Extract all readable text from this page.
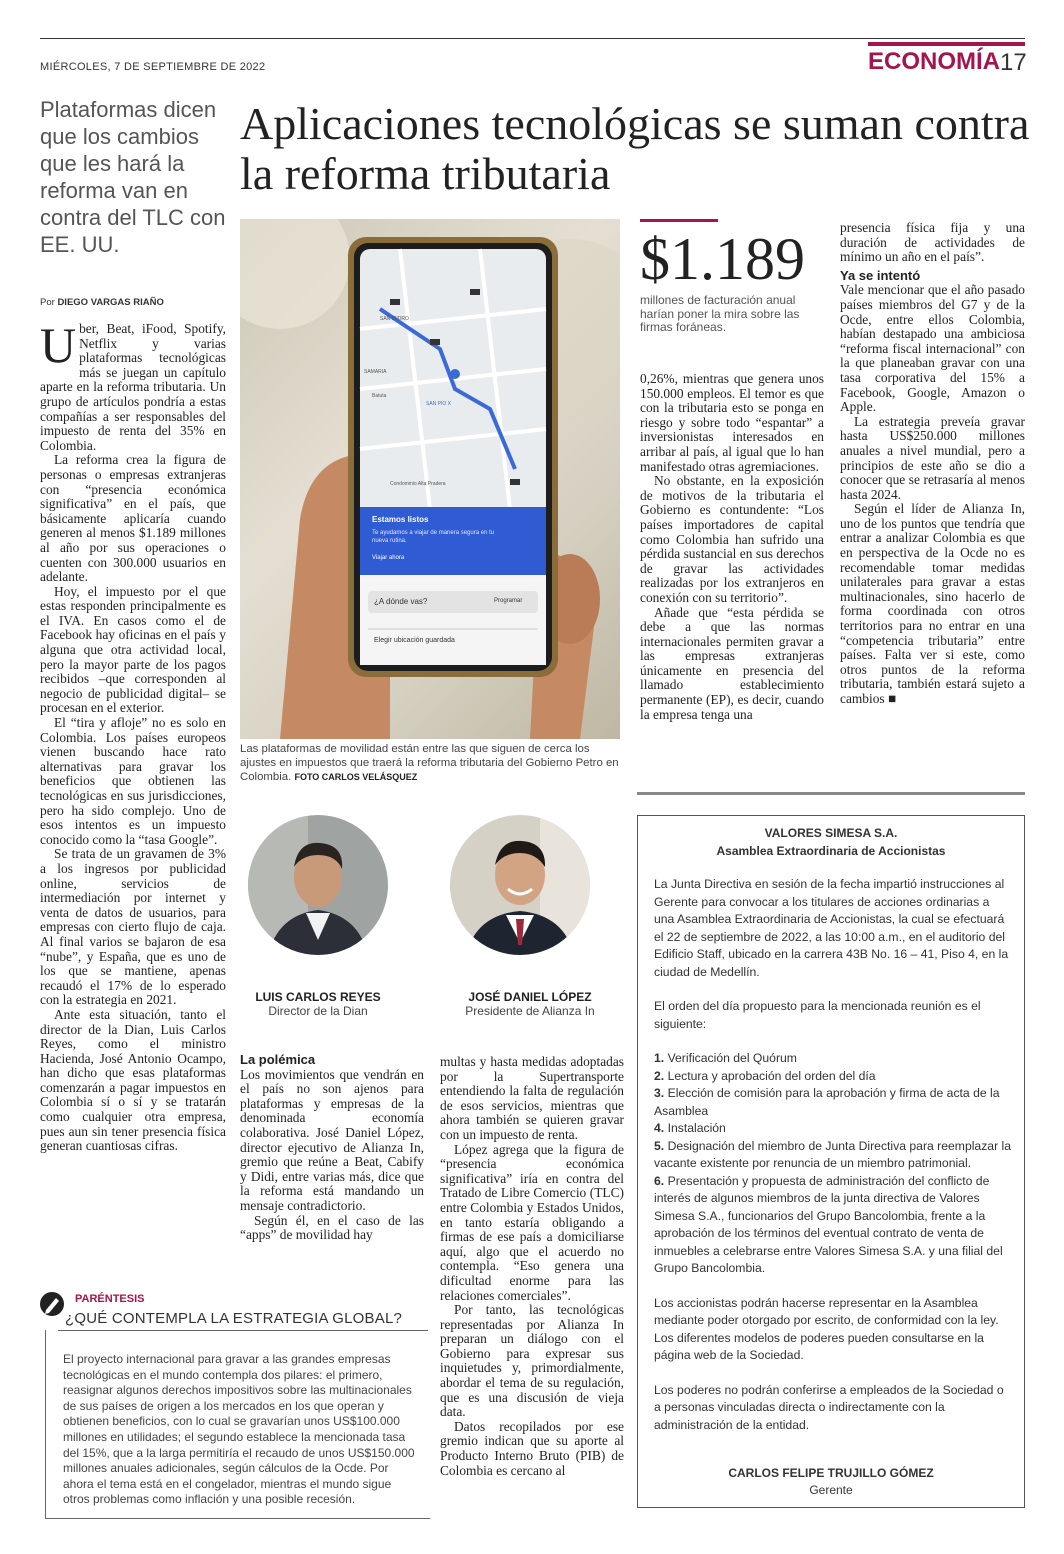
MIÉRCOLES, 7 DE SEPTIEMBRE DE 2022	ECONOMÍA 17
Plataformas dicen que los cambios que les hará la reforma van en contra del TLC con EE. UU.
Aplicaciones tecnológicas se suman contra la reforma tributaria
Por DIEGO VARGAS RIAÑO

Uber, Beat, iFood, Spotify, Netflix y varias plataformas tecnológicas más se juegan un capítulo aparte en la reforma tributaria. Un grupo de artículos pondría a estas compañías a ser responsables del impuesto de renta del 35% en Colombia.

La reforma crea la figura de personas o empresas extranjeras con “presencia económica significativa” en el país, que básicamente aplicaría cuando generen al menos $1.189 millones al año por sus operaciones o cuenten con 300.000 usuarios en adelante.

Hoy, el impuesto por el que estas responden principalmente es el IVA. En casos como el de Facebook hay oficinas en el país y alguna que otra actividad local, pero la mayor parte de los pagos recibidos –que corresponden al negocio de publicidad digital– se procesan en el exterior.

El “tira y afloje” no es solo en Colombia. Los países europeos vienen buscando hace rato alternativas para gravar los beneficios que obtienen las tecnológicas en sus jurisdicciones, pero ha sido complejo. Uno de esos intentos es un impuesto conocido como la “tasa Google”.

Se trata de un gravamen de 3% a los ingresos por publicidad online, servicios de intermediación por internet y venta de datos de usuarios, para empresas con cierto flujo de caja. Al final varios se bajaron de esa “nube”, y España, que es uno de los que se mantiene, apenas recaudó el 17% de lo esperado con la estrategia en 2021.

Ante esta situación, tanto el director de la Dian, Luis Carlos Reyes, como el ministro Hacienda, José Antonio Ocampo, han dicho que esas plataformas comenzarán a pagar impuestos en Colombia sí o sí y se tratarán como cualquier otra empresa, pues aun sin tener presencia física generan cuantiosas cifras.

Estamos listos
Te ayudamos a viajar de manera segura en tu nueva rutina.
Viajar ahora
¿A dónde vas?	Programar
Elegir ubicación guardada
SAN ISIDRO
SAMARIA
SAN PIO X
Batuta
Condominio Alta Pradera
Las plataformas de movilidad están entre las que siguen de cerca los ajustes en impuestos que traerá la reforma tributaria del Gobierno Petro en Colombia. FOTO CARLOS VELÁSQUEZ
$1.189
millones de facturación anual harían poner la mira sobre las firmas foráneas.

0,26%, mientras que genera unos 150.000 empleos. El temor es que con la tributaria esto se ponga en riesgo y sobre todo “espantar” a inversionistas interesados en arribar al país, al igual que lo han manifestado otras agremiaciones.

No obstante, en la exposición de motivos de la tributaria el Gobierno es contundente: “Los países importadores de capital como Colombia han sufrido una pérdida sustancial en sus derechos de gravar las actividades realizadas por los extranjeros en conexión con su territorio”.

Añade que “esta pérdida se debe a que las normas internacionales permiten gravar a las empresas extranjeras únicamente en presencia del llamado establecimiento permanente (EP), es decir, cuando la empresa tenga una

presencia física fija y una duración de actividades de mínimo un año en el país”.

Ya se intentó

Vale mencionar que el año pasado países miembros del G7 y de la Ocde, entre ellos Colombia, habían destapado una ambiciosa “reforma fiscal internacional” con la que planeaban gravar con una tasa corporativa del 15% a Facebook, Google, Amazon o Apple.

La estrategia preveía gravar hasta US$250.000 millones anuales a nivel mundial, pero a principios de este año se dio a conocer que se retrasaría al menos hasta 2024.

Según el líder de Alianza In, uno de los puntos que tendría que entrar a analizar Colombia es que en perspectiva de la Ocde no es recomendable tomar medidas unilaterales para gravar a estas multinacionales, sino hacerlo de forma coordinada con otros territorios para no entrar en una “competencia tributaria” entre países. Falta ver si este, como otros puntos de la reforma tributaria, también estará sujeto a cambios ■

LUIS CARLOS REYES
Director de la Dian
JOSÉ DANIEL LÓPEZ
Presidente de Alianza In
La polémica

Los movimientos que vendrán en el país no son ajenos para plataformas y empresas de la denominada economía colaborativa. José Daniel López, director ejecutivo de Alianza In, gremio que reúne a Beat, Cabify y Didi, entre varias más, dice que la reforma está mandando un mensaje contradictorio.

Según él, en el caso de las “apps” de movilidad hay

multas y hasta medidas adoptadas por la Supertransporte entendiendo la falta de regulación de esos servicios, mientras que ahora también se quieren gravar con un impuesto de renta.

López agrega que la figura de “presencia económica significativa” iría en contra del Tratado de Libre Comercio (TLC) entre Colombia y Estados Unidos, en tanto estaría obligando a firmas de ese país a domiciliarse aquí, algo que el acuerdo no contempla. “Eso genera una dificultad enorme para las relaciones comerciales”.

Por tanto, las tecnológicas representadas por Alianza In preparan un diálogo con el Gobierno para expresar sus inquietudes y, primordialmente, abordar el tema de su regulación, que es una discusión de vieja data.

Datos recopilados por ese gremio indican que su aporte al Producto Interno Bruto (PIB) de Colombia es cercano al

PARÉNTESIS
¿QUÉ CONTEMPLA LA ESTRATEGIA GLOBAL?
El proyecto internacional para gravar a las grandes empresas tecnológicas en el mundo contempla dos pilares: el primero, reasignar algunos derechos impositivos sobre las multinacionales de sus países de origen a los mercados en los que operan y obtienen beneficios, con lo cual se gravarían unos US$100.000 millones en utilidades; el segundo establece la mencionada tasa del 15%, que a la larga permitiría el recaudo de unos US$150.000 millones anuales adicionales, según cálculos de la Ocde. Por ahora el tema está en el congelador, mientras el mundo sigue otros problemas como inflación y una posible recesión.
VALORES SIMESA S.A.
Asamblea Extraordinaria de Accionistas
La Junta Directiva en sesión de la fecha impartió instrucciones al Gerente para convocar a los titulares de acciones ordinarias a una Asamblea Extraordinaria de Accionistas, la cual se efectuará el 22 de septiembre de 2022, a las 10:00 a.m., en el auditorio del Edificio Staff, ubicado en la carrera 43B No. 16 – 41, Piso 4, en la ciudad de Medellín.
El orden del día propuesto para la mencionada reunión es el siguiente:
1. Verificación del Quórum
2. Lectura y aprobación del orden del día
3. Elección de comisión para la aprobación y firma de acta de la Asamblea
4. Instalación
5. Designación del miembro de Junta Directiva para reemplazar la vacante existente por renuncia de un miembro patrimonial.
6. Presentación y propuesta de administración del conflicto de interés de algunos miembros de la junta directiva de Valores Simesa S.A., funcionarios del Grupo Bancolombia, frente a la aprobación de los términos del eventual contrato de venta de inmuebles a celebrarse entre Valores Simesa S.A. y una filial del Grupo Bancolombia.
Los accionistas podrán hacerse representar en la Asamblea mediante poder otorgado por escrito, de conformidad con la ley. Los diferentes modelos de poderes pueden consultarse en la página web de la Sociedad.
Los poderes no podrán conferirse a empleados de la Sociedad o a personas vinculadas directa o indirectamente con la administración de la entidad.
CARLOS FELIPE TRUJILLO GÓMEZ
Gerente
